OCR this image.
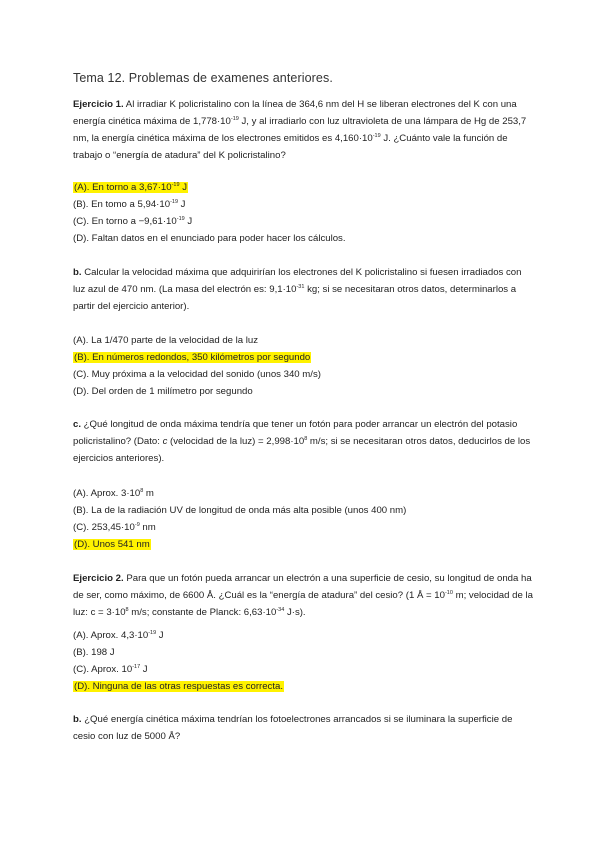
Tema 12. Problemas de examenes anteriores.
Ejercicio 1. Al irradiar K policristalino con la línea de 364,6 nm del H se liberan electrones del K con una energía cinética máxima de $1,778\cdot 10^{-19}$ J, y al irradiarlo con luz ultravioleta de una lámpara de Hg de 253,7 nm, la energía cinética máxima de los electrones emitidos es $4,160\cdot 10^{-19}$ J. ¿Cuánto vale la función de trabajo o “energía de atadura” del K policristalino?
(A). En torno a $3,67\cdot 10^{-19}$ J
(B). En tomo a $5,94\cdot 10^{-19}$ J
(C). En torno $a -9,61\cdot 10^{-19}$ J
(D). Faltan datos en el enunciado para poder hacer los cálculos.
b. Calcular la velocidad máxima que adquirirían los electrones del K policristalino si fuesen irradiados con luz azul de 470 nm. (La masa del electrón es: $9,1\cdot 10^{-31}$ kg; si se necesitaran otros datos, determinarlos a partir del ejercicio anterior).
(A). La 1/470 parte de la velocidad de la luz
(B). En números redondos, 350 kilómetros por segundo
(C). Muy próxima a la velocidad del sonido (unos 340 m/s)
(D). Del orden de 1 milímetro por segundo
c. ¿Qué longitud de onda máxima tendría que tener un fotón para poder arrancar un electrón del potasio policristalino? (Dato: c (velocidad de la $luz) = 2,998\cdot 10^8$ m/s; si se necesitaran otros datos, deducirlos de los ejercicios anteriores).
(A). Aprox. $3\cdot 10^8$ m
(B). La de la radiación UV de longitud de onda más alta posible (unos 400 nm)
(C). $253,45\cdot 10^{-9}$ nm
(D). Unos 541 nm
Ejercicio 2. Para que un fotón pueda arrancar un electrón a una superficie de cesio, su longitud de onda ha de ser, como máximo, de 6600 Å. ¿Cuál es la “energía de atadura” del cesio? (1 Å = $10^{-10}$ m; velocidad de la luz: $c = 3\cdot 10^8$ m/s; constante de Planck: $6,63\cdot 10^{-34}$ J·s).
(A). Aprox. $4,3\cdot 10^{-19}$ J
(B). 198 J
(C). Aprox. $10^{-17}$ J
(D). Ninguna de las otras respuestas es correcta.
b. ¿Qué energía cinética máxima tendrían los fotoelectrones arrancados si se iluminara la superficie de cesio con luz de 5000 Å?
